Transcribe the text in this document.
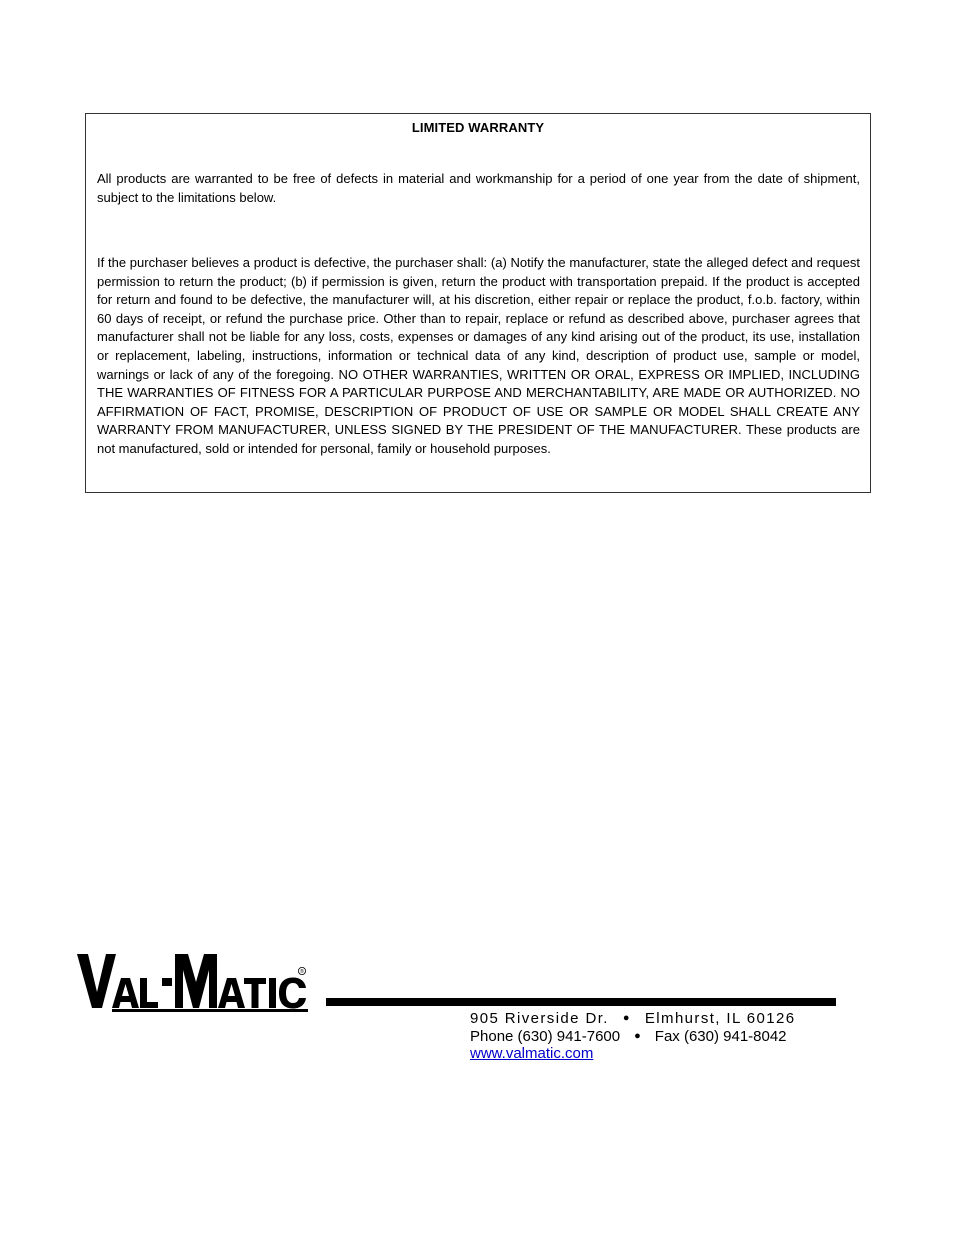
LIMITED WARRANTY

All products are warranted to be free of defects in material and workmanship for a period of one year from the date of shipment, subject to the limitations below.

If the purchaser believes a product is defective, the purchaser shall: (a) Notify the manufacturer, state the alleged defect and request permission to return the product; (b) if permission is given, return the product with transportation prepaid. If the product is accepted for return and found to be defective, the manufacturer will, at his discretion, either repair or replace the product, f.o.b. factory, within 60 days of receipt, or refund the purchase price. Other than to repair, replace or refund as described above, purchaser agrees that manufacturer shall not be liable for any loss, costs, expenses or damages of any kind arising out of the product, its use, installation or replacement, labeling, instructions, information or technical data of any kind, description of product use, sample or model, warnings or lack of any of the foregoing. NO OTHER WARRANTIES, WRITTEN OR ORAL, EXPRESS OR IMPLIED, INCLUDING THE WARRANTIES OF FITNESS FOR A PARTICULAR PURPOSE AND MERCHANTABILITY, ARE MADE OR AUTHORIZED. NO AFFIRMATION OF FACT, PROMISE, DESCRIPTION OF PRODUCT OF USE OR SAMPLE OR MODEL SHALL CREATE ANY WARRANTY FROM MANUFACTURER, UNLESS SIGNED BY THE PRESIDENT OF THE MANUFACTURER. These products are not manufactured, sold or intended for personal, family or household purposes.

®
905 Riverside Dr. ● Elmhurst, IL 60126
Phone (630) 941-7600 ● Fax (630) 941-8042
www.valmatic.com
